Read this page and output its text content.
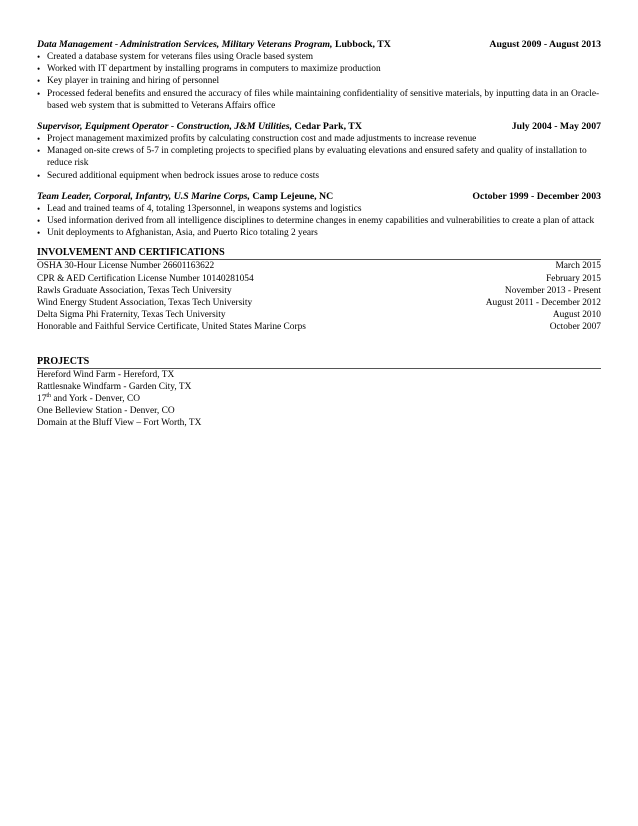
Data Management - Administration Services, Military Veterans Program, Lubbock, TX	August 2009 - August 2013
• Created a database system for veterans files using Oracle based system
• Worked with IT department by installing programs in computers to maximize production
• Key player in training and hiring of personnel
• Processed federal benefits and ensured the accuracy of files while maintaining confidentiality of sensitive materials, by inputting data in an Oracle-based web system that is submitted to Veterans Affairs office
Supervisor, Equipment Operator - Construction, J&M Utilities, Cedar Park, TX	July 2004 - May 2007
• Project management maximized profits by calculating construction cost and made adjustments to increase revenue
• Managed on-site crews of 5-7 in completing projects to specified plans by evaluating elevations and ensured safety and quality of installation to reduce risk
• Secured additional equipment when bedrock issues arose to reduce costs
Team Leader, Corporal, Infantry, U.S Marine Corps, Camp Lejeune, NC	October 1999 - December 2003
• Lead and trained teams of 4, totaling 13personnel, in weapons systems and logistics
• Used information derived from all intelligence disciplines to determine changes in enemy capabilities and vulnerabilities to create a plan of attack
• Unit deployments to Afghanistan, Asia, and Puerto Rico totaling 2 years
INVOLVEMENT AND CERTIFICATIONS
OSHA 30-Hour License Number 26601163622	March 2015
CPR & AED Certification License Number 10140281054	February 2015
Rawls Graduate Association, Texas Tech University	November 2013 - Present
Wind Energy Student Association, Texas Tech University	August 2011 - December 2012
Delta Sigma Phi Fraternity, Texas Tech University	August 2010
Honorable and Faithful Service Certificate, United States Marine Corps	October 2007
PROJECTS
Hereford Wind Farm - Hereford, TX
Rattlesnake Windfarm - Garden City, TX
17th and York - Denver, CO
One Belleview Station - Denver, CO
Domain at the Bluff View – Fort Worth, TX
